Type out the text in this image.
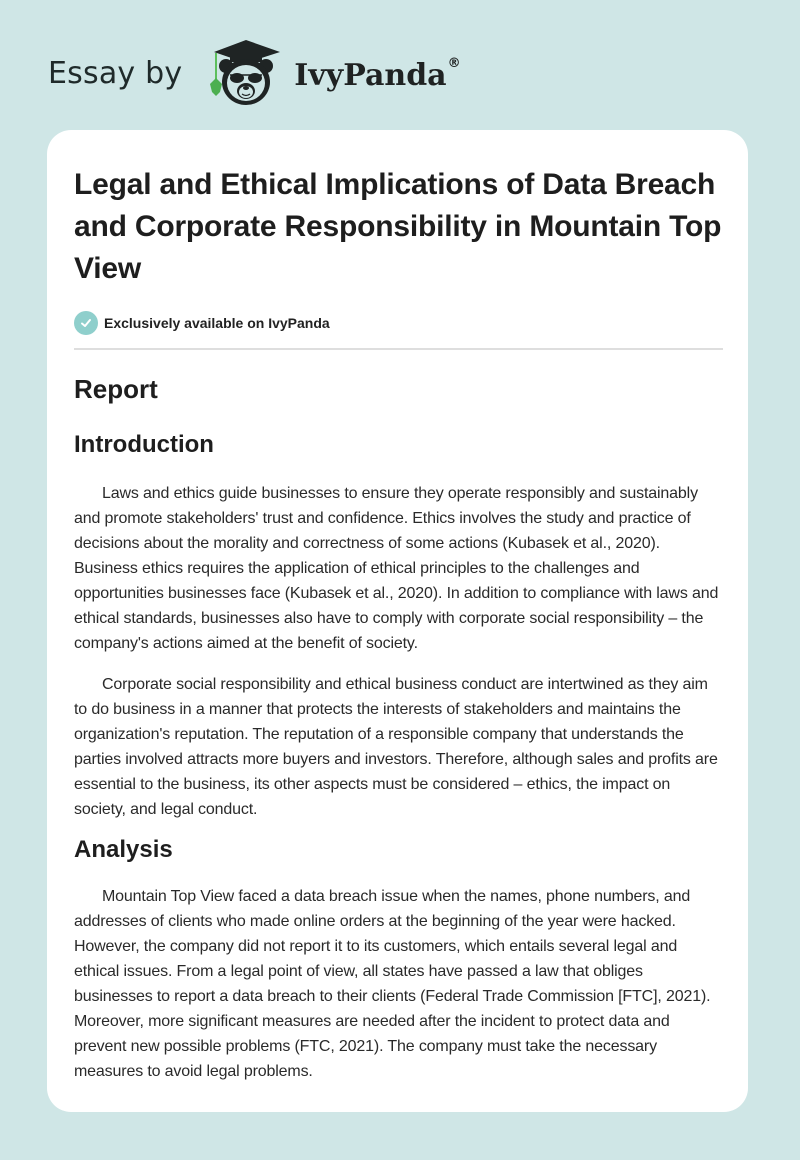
Essay by	IvyPanda®
Legal and Ethical Implications of Data Breach and Corporate Responsibility in Mountain Top View
Exclusively available on IvyPanda
Report
Introduction

Laws and ethics guide businesses to ensure they operate responsibly and sustainably and promote stakeholders' trust and confidence. Ethics involves the study and practice of decisions about the morality and correctness of some actions (Kubasek et al., 2020). Business ethics requires the application of ethical principles to the challenges and opportunities businesses face (Kubasek et al., 2020). In addition to compliance with laws and ethical standards, businesses also have to comply with corporate social responsibility – the company's actions aimed at the benefit of society.

Corporate social responsibility and ethical business conduct are intertwined as they aim to do business in a manner that protects the interests of stakeholders and maintains the organization's reputation. The reputation of a responsible company that understands the parties involved attracts more buyers and investors. Therefore, although sales and profits are essential to the business, its other aspects must be considered – ethics, the impact on society, and legal conduct.

Analysis

Mountain Top View faced a data breach issue when the names, phone numbers, and addresses of clients who made online orders at the beginning of the year were hacked. However, the company did not report it to its customers, which entails several legal and ethical issues. From a legal point of view, all states have passed a law that obliges businesses to report a data breach to their clients (Federal Trade Commission [FTC], 2021). Moreover, more significant measures are needed after the incident to protect data and prevent new possible problems (FTC, 2021). The company must take the necessary measures to avoid legal problems.
